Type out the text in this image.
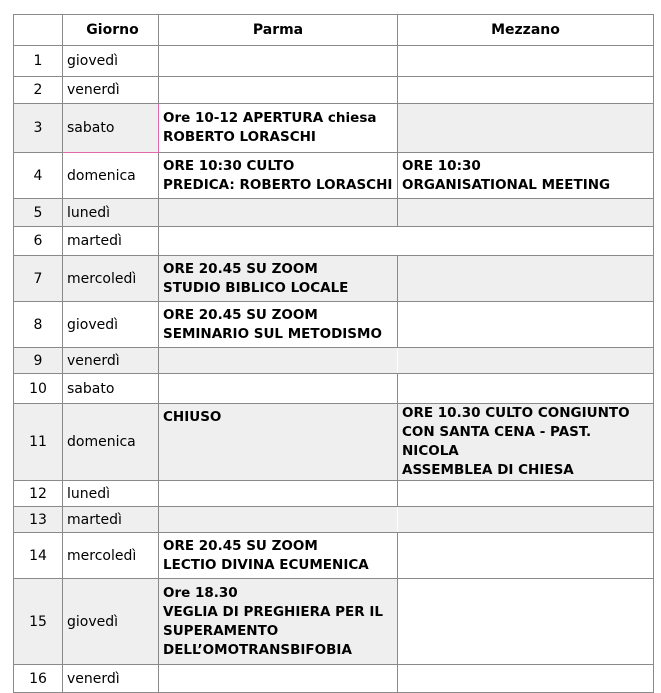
	Giorno	Parma	Mezzano
1	giovedì		
2	venerdì		
3	sabato	Ore 10-12 APERTURA chiesa
ROBERTO LORASCHI	
4	domenica	ORE 10:30 CULTO
PREDICA: ROBERTO LORASCHI	ORE 10:30
ORGANISATIONAL MEETING
5	lunedì		
6	martedì		
7	mercoledì	ORE 20.45 SU ZOOM
STUDIO BIBLICO LOCALE	
8	giovedì	ORE 20.45 SU ZOOM
SEMINARIO SUL METODISMO	
9	venerdì		
10	sabato		
11	domenica	CHIUSO	ORE 10.30 CULTO CONGIUNTO
CON SANTA CENA - PAST. NICOLA
ASSEMBLEA DI CHIESA
12	lunedì		
13	martedì		
14	mercoledì	ORE 20.45 SU ZOOM
LECTIO DIVINA ECUMENICA	
15	giovedì	Ore 18.30
VEGLIA DI PREGHIERA PER IL
SUPERAMENTO
DELL’OMOTRANSBIFOBIA	
16	venerdì		
